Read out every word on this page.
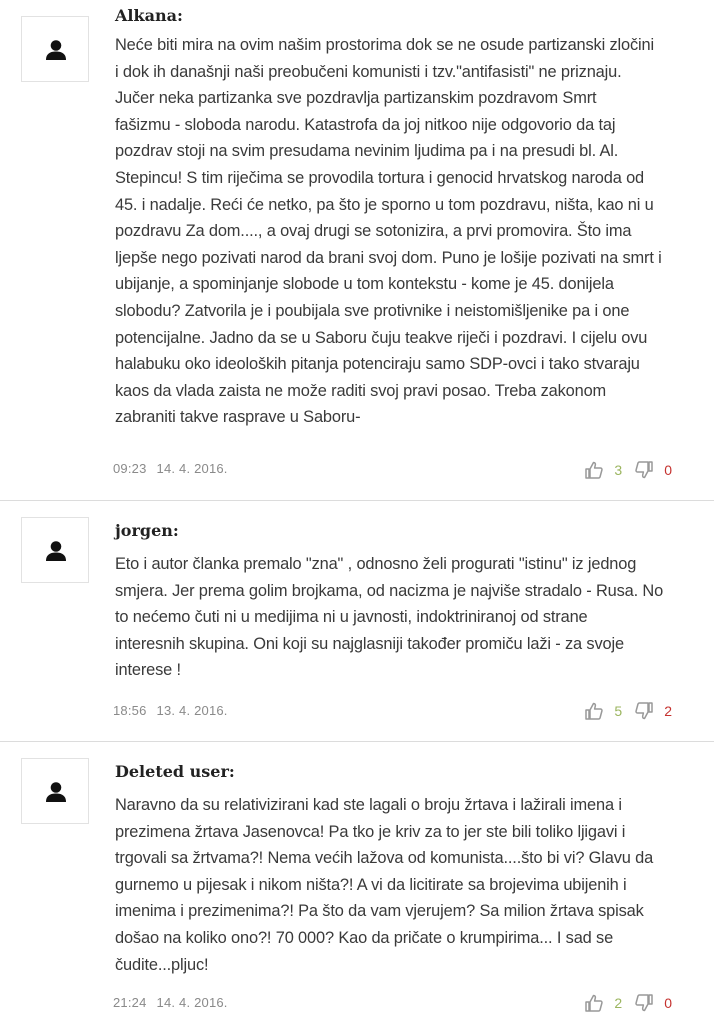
Alkana:
Neće biti mira na ovim našim prostorima dok se ne osude partizanski zločini
i dok ih današnji naši preobučeni komunisti i tzv."antifasisti" ne priznaju.
Jučer neka partizanka sve pozdravlja partizanskim pozdravom Smrt
fašizmu - sloboda narodu. Katastrofa da joj nitkoo nije odgovorio da taj
pozdrav stoji na svim presudama nevinim ljudima pa i na presudi bl. Al.
Stepincu! S tim riječima se provodila tortura i genocid hrvatskog naroda od
45. i nadalje. Reći će netko, pa što je sporno u tom pozdravu, ništa, kao ni u
pozdravu Za dom...., a ovaj drugi se sotonizira, a prvi promovira. Što ima
ljepše nego pozivati narod da brani svoj dom. Puno je lošije pozivati na smrt i
ubijanje, a spominjanje slobode u tom kontekstu - kome je 45. donijela
slobodu? Zatvorila je i poubijala sve protivnike i neistomišljenike pa i one
potencijalne. Jadno da se u Saboru čuju teakve riječi i pozdravi. I cijelu ovu
halabuku oko ideoloških pitanja potenciraju samo SDP-ovci i tako stvaraju
kaos da vlada zaista ne može raditi svoj pravi posao. Treba zakonom
zabraniti takve rasprave u Saboru-
09:23 14. 4. 2016.	3	0
jorgen:
Eto i autor članka premalo "zna" , odnosno želi progurati "istinu" iz jednog
smjera. Jer prema golim brojkama, od nacizma je najviše stradalo - Rusa. No
to nećemo čuti ni u medijima ni u javnosti, indoktriniranoj od strane
interesnih skupina. Oni koji su najglasniji također promiču laži - za svoje
interese !
18:56 13. 4. 2016.	5	2
Deleted user:
Naravno da su relativizirani kad ste lagali o broju žrtava i lažirali imena i
prezimena žrtava Jasenovca! Pa tko je kriv za to jer ste bili toliko ljigavi i
trgovali sa žrtvama?! Nema većih lažova od komunista....što bi vi? Glavu da
gurnemo u pijesak i nikom ništa?! A vi da licitirate sa brojevima ubijenih i
imenima i prezimenima?! Pa što da vam vjerujem? Sa milion žrtava spisak
došao na koliko ono?! 70 000? Kao da pričate o krumpirima... I sad se
čudite...pljuc!
21:24 14. 4. 2016.	2	0
